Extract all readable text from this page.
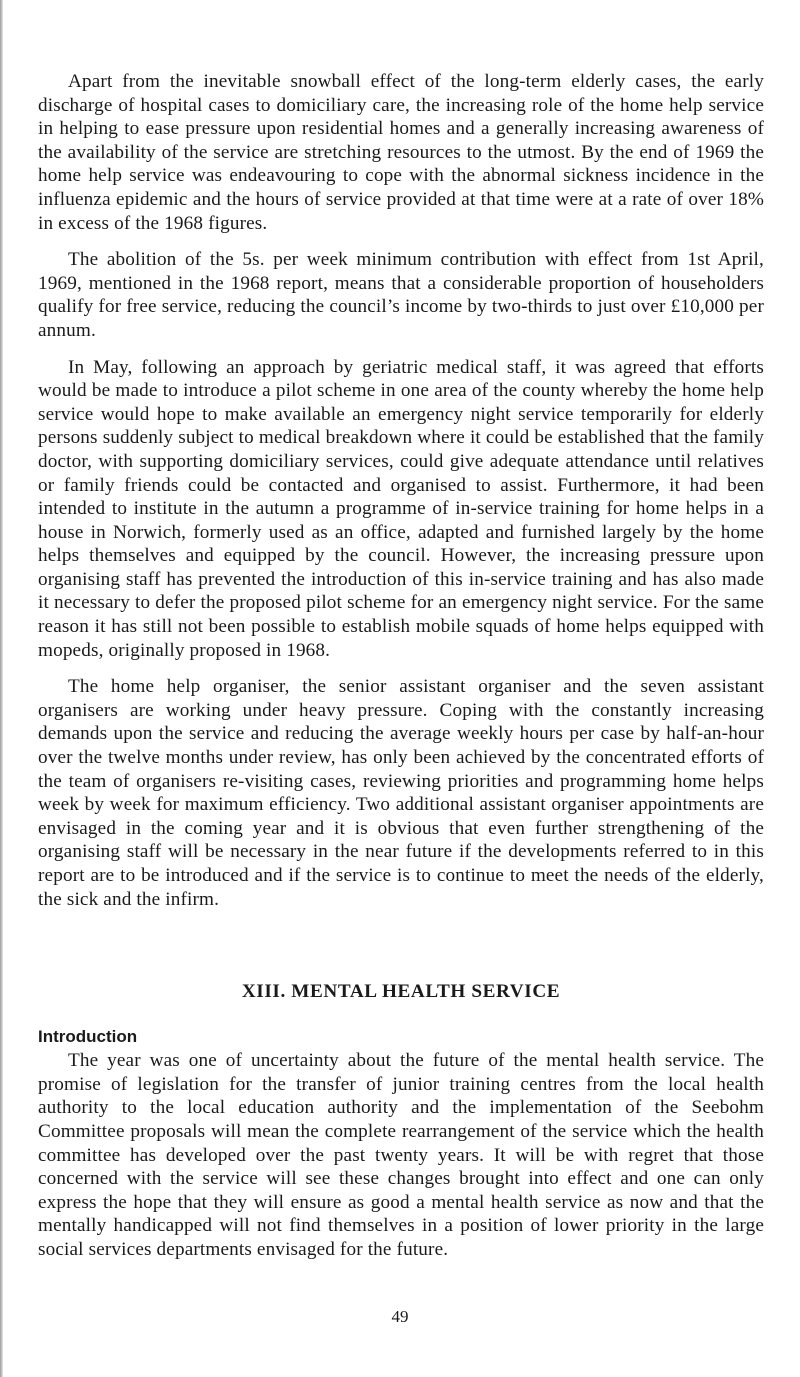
Apart from the inevitable snowball effect of the long-term elderly cases, the early discharge of hospital cases to domiciliary care, the increasing role of the home help service in helping to ease pressure upon residential homes and a generally increasing awareness of the availability of the service are stretching resources to the utmost. By the end of 1969 the home help service was endeavouring to cope with the abnormal sickness incidence in the influenza epidemic and the hours of service provided at that time were at a rate of over 18% in excess of the 1968 figures.

The abolition of the 5s. per week minimum contribution with effect from 1st April, 1969, mentioned in the 1968 report, means that a considerable proportion of householders qualify for free service, reducing the council’s income by two-thirds to just over £10,000 per annum.

In May, following an approach by geriatric medical staff, it was agreed that efforts would be made to introduce a pilot scheme in one area of the county whereby the home help service would hope to make available an emergency night service temporarily for elderly persons suddenly subject to medical breakdown where it could be established that the family doctor, with supporting domiciliary services, could give adequate attendance until relatives or family friends could be contacted and organised to assist. Furthermore, it had been intended to institute in the autumn a programme of in-service training for home helps in a house in Norwich, formerly used as an office, adapted and furnished largely by the home helps themselves and equipped by the council. However, the increasing pressure upon organising staff has prevented the introduction of this in-service training and has also made it necessary to defer the proposed pilot scheme for an emergency night service. For the same reason it has still not been possible to establish mobile squads of home helps equipped with mopeds, originally proposed in 1968.

The home help organiser, the senior assistant organiser and the seven assistant organisers are working under heavy pressure. Coping with the constantly increasing demands upon the service and reducing the average weekly hours per case by half-an-hour over the twelve months under review, has only been achieved by the concentrated efforts of the team of organisers re-visiting cases, reviewing priorities and programming home helps week by week for maximum efficiency. Two additional assistant organiser appointments are envisaged in the coming year and it is obvious that even further strengthening of the organising staff will be necessary in the near future if the developments referred to in this report are to be introduced and if the service is to continue to meet the needs of the elderly, the sick and the infirm.

XIII. MENTAL HEALTH SERVICE
Introduction

The year was one of uncertainty about the future of the mental health service. The promise of legislation for the transfer of junior training centres from the local health authority to the local education authority and the implementation of the Seebohm Committee proposals will mean the complete rearrangement of the service which the health committee has developed over the past twenty years. It will be with regret that those concerned with the service will see these changes brought into effect and one can only express the hope that they will ensure as good a mental health service as now and that the mentally handicapped will not find themselves in a position of lower priority in the large social services departments envisaged for the future.

49
